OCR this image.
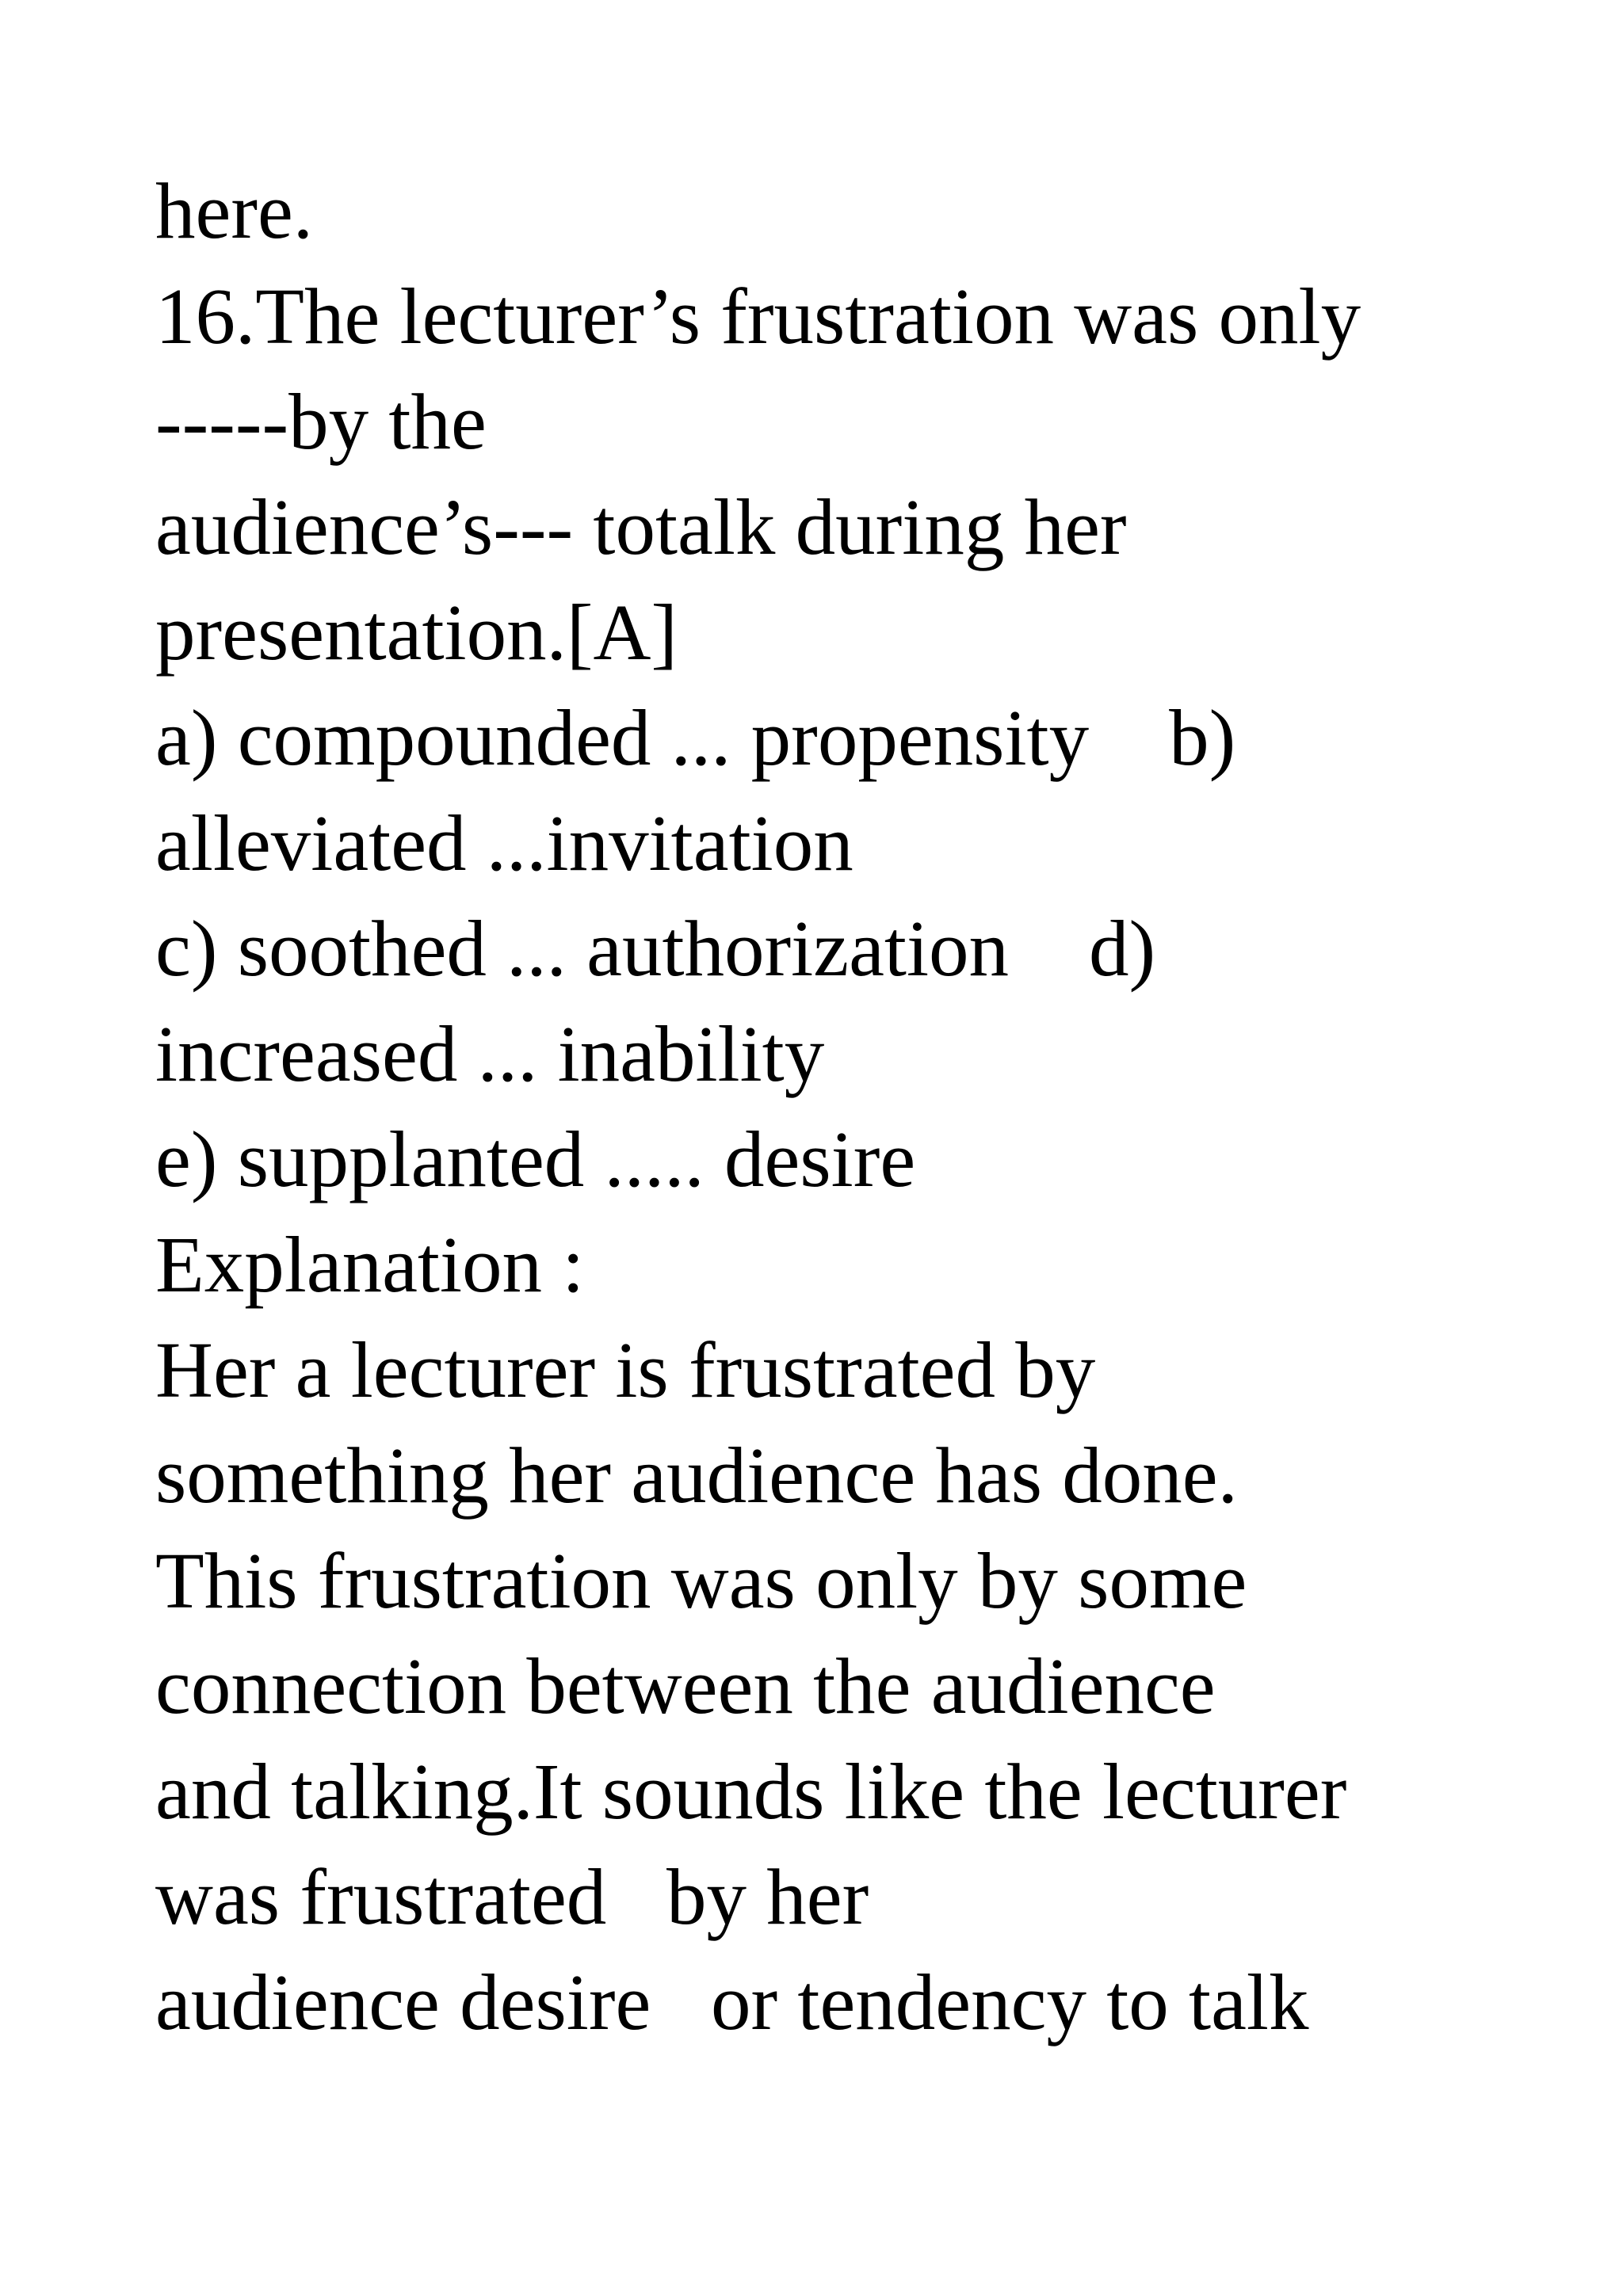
here.
16.The lecturer’s frustration was only
-----by the
audience’s--- totalk during her
presentation.[A]
a) compounded ... propensity    b)
alleviated ...invitation
c) soothed ... authorization    d)
increased ... inability
e) supplanted ..... desire
Explanation :
Her a lecturer is frustrated by
something her audience has done.
This frustration was only by some
connection between the audience
and talking.It sounds like the lecturer
was frustrated   by her
audience desire   or tendency to talk
